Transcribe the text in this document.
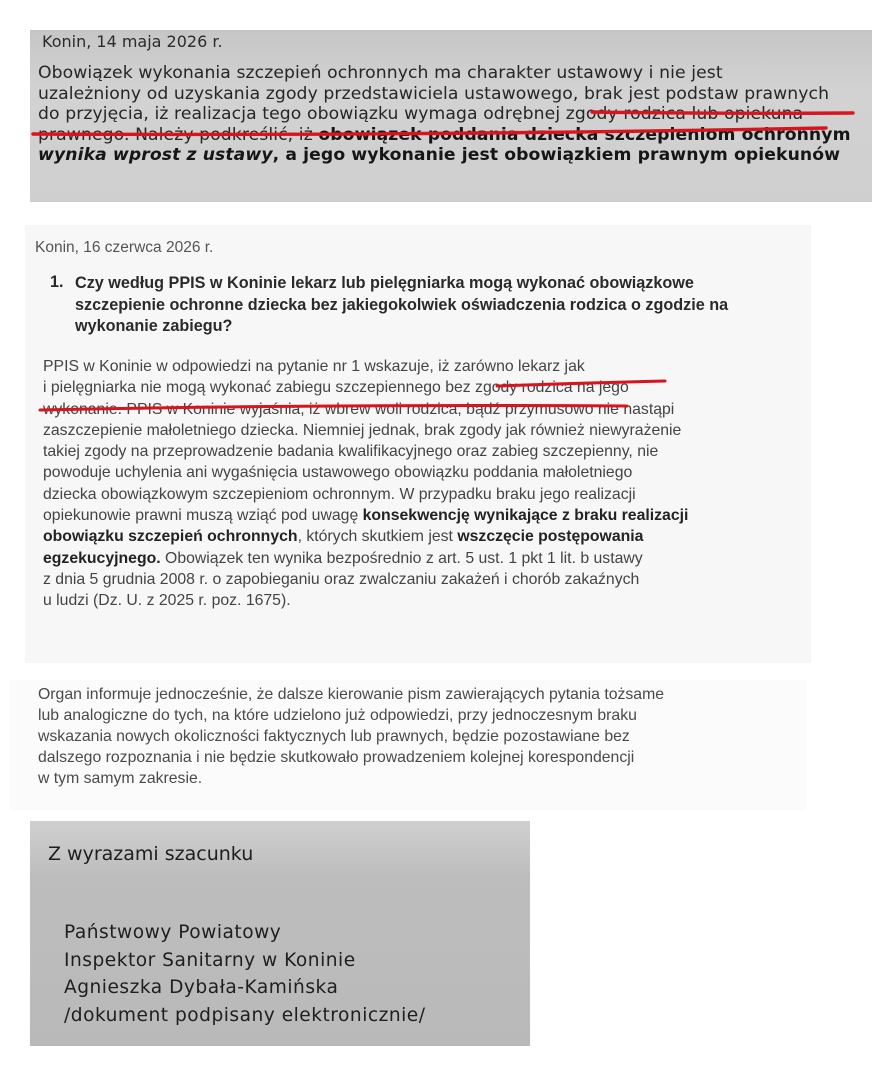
Konin, 14 maja 2026 r.
Obowiązek wykonania szczepień ochronnych ma charakter ustawowy i nie jest
uzależniony od uzyskania zgody przedstawiciela ustawowego, brak jest podstaw prawnych
do przyjęcia, iż realizacja tego obowiązku wymaga odrębnej zgody rodzica lub opiekuna
prawnego. Należy podkreślić, iż obowiązek poddania dziecka szczepieniom ochronnym
wynika wprost z ustawy, a jego wykonanie jest obowiązkiem prawnym opiekunów
Konin, 16 czerwca 2026 r.
1. Czy według PPIS w Koninie lekarz lub pielęgniarka mogą wykonać obowiązkowe
szczepienie ochronne dziecka bez jakiegokolwiek oświadczenia rodzica o zgodzie na
wykonanie zabiegu?
PPIS w Koninie w odpowiedzi na pytanie nr 1 wskazuje, iż zarówno lekarz jak
i pielęgniarka nie mogą wykonać zabiegu szczepiennego bez zgody rodzica na jego
wykonanie. PPIS w Koninie wyjaśnia, iż wbrew woli rodzica, bądź przymusowo nie nastąpi
zaszczepienie małoletniego dziecka. Niemniej jednak, brak zgody jak również niewyrażenie
takiej zgody na przeprowadzenie badania kwalifikacyjnego oraz zabieg szczepienny, nie
powoduje uchylenia ani wygaśnięcia ustawowego obowiązku poddania małoletniego
dziecka obowiązkowym szczepieniom ochronnym. W przypadku braku jego realizacji
opiekunowie prawni muszą wziąć pod uwagę konsekwencję wynikające z braku realizacji
obowiązku szczepień ochronnych, których skutkiem jest wszczęcie postępowania
egzekucyjnego. Obowiązek ten wynika bezpośrednio z art. 5 ust. 1 pkt 1 lit. b ustawy
z dnia 5 grudnia 2008 r. o zapobieganiu oraz zwalczaniu zakażeń i chorób zakaźnych
u ludzi (Dz. U. z 2025 r. poz. 1675).
Organ informuje jednocześnie, że dalsze kierowanie pism zawierających pytania tożsame
lub analogiczne do tych, na które udzielono już odpowiedzi, przy jednoczesnym braku
wskazania nowych okoliczności faktycznych lub prawnych, będzie pozostawiane bez
dalszego rozpoznania i nie będzie skutkowało prowadzeniem kolejnej korespondencji
w tym samym zakresie.
Z wyrazami szacunku
Państwowy Powiatowy
Inspektor Sanitarny w Koninie
Agnieszka Dybała-Kamińska
/dokument podpisany elektronicznie/
